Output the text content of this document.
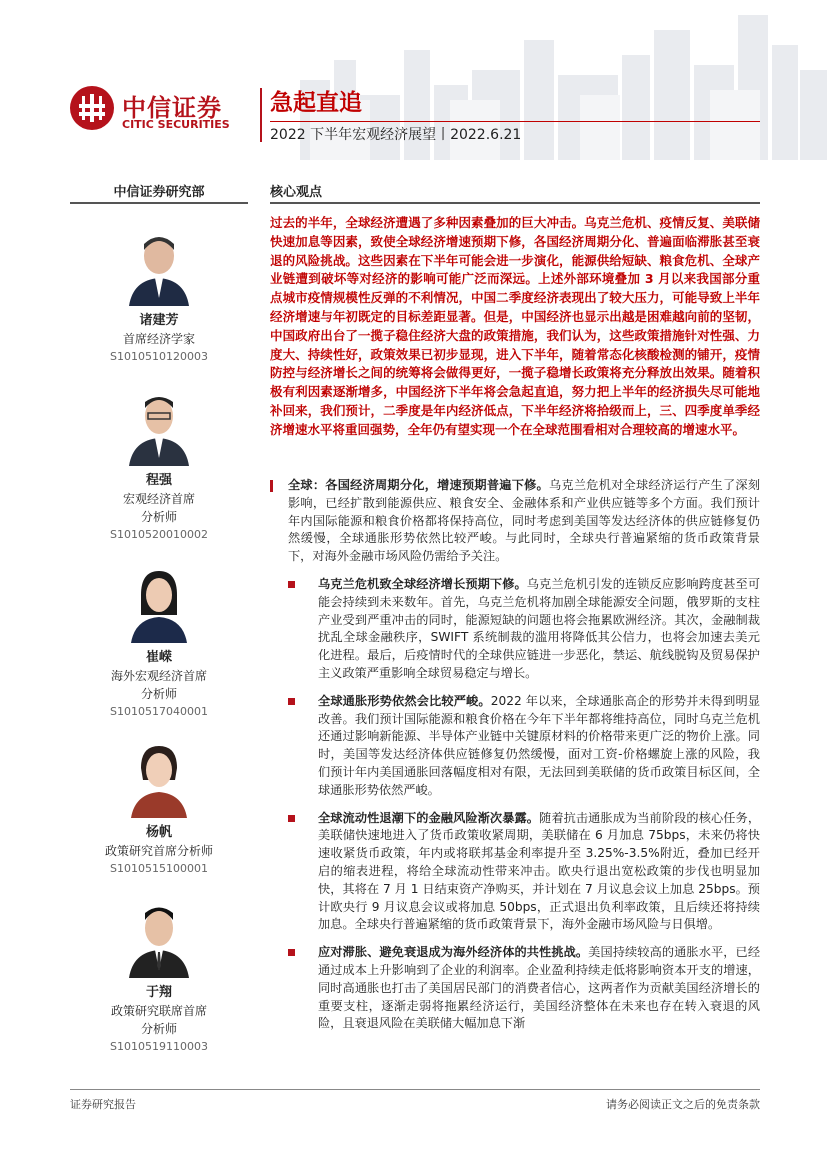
中信证券
CITIC SECURITIES
急起直追
2022 下半年宏观经济展望丨2022.6.21
中信证券研究部	核心观点
诸建芳
首席经济学家
S1010510120003
程强
宏观经济首席
分析师
S1010520010002
崔嵘
海外宏观经济首席
分析师
S1010517040001
杨帆
政策研究首席分析师
S1010515100001
于翔
政策研究联席首席
分析师
S1010519110003
过去的半年，全球经济遭遇了多种因素叠加的巨大冲击。乌克兰危机、疫情反复、美联储快速加息等因素，致使全球经济增速预期下修，各国经济周期分化、普遍面临滞胀甚至衰退的风险挑战。这些因素在下半年可能会进一步演化，能源供给短缺、粮食危机、全球产业链遭到破坏等对经济的影响可能广泛而深远。上述外部环境叠加 3 月以来我国部分重点城市疫情规模性反弹的不利情况，中国二季度经济表现出了较大压力，可能导致上半年经济增速与年初既定的目标差距显著。但是，中国经济也显示出越是困难越向前的坚韧，中国政府出台了一揽子稳住经济大盘的政策措施，我们认为，这些政策措施针对性强、力度大、持续性好，政策效果已初步显现，进入下半年，随着常态化核酸检测的铺开，疫情防控与经济增长之间的统筹将会做得更好，一揽子稳增长政策将充分释放出效果。随着积极有利因素逐渐增多，中国经济下半年将会急起直追，努力把上半年的经济损失尽可能地补回来，我们预计，二季度是年内经济低点，下半年经济将拾级而上，三、四季度单季经济增速水平将重回强势，全年仍有望实现一个在全球范围看相对合理较高的增速水平。
全球：各国经济周期分化，增速预期普遍下修。乌克兰危机对全球经济运行产生了深刻影响，已经扩散到能源供应、粮食安全、金融体系和产业供应链等多个方面。我们预计年内国际能源和粮食价格都将保持高位，同时考虑到美国等发达经济体的供应链修复仍然缓慢，全球通胀形势依然比较严峻。与此同时，全球央行普遍紧缩的货币政策背景下，对海外金融市场风险仍需给予关注。
乌克兰危机致全球经济增长预期下修。乌克兰危机引发的连锁反应影响跨度甚至可能会持续到未来数年。首先，乌克兰危机将加剧全球能源安全问题，俄罗斯的支柱产业受到严重冲击的同时，能源短缺的问题也将会拖累欧洲经济。其次，金融制裁扰乱全球金融秩序，SWIFT 系统制裁的滥用将降低其公信力，也将会加速去美元化进程。最后，后疫情时代的全球供应链进一步恶化，禁运、航线脱钩及贸易保护主义政策严重影响全球贸易稳定与增长。
全球通胀形势依然会比较严峻。2022 年以来，全球通胀高企的形势并未得到明显改善。我们预计国际能源和粮食价格在今年下半年都将维持高位，同时乌克兰危机还通过影响新能源、半导体产业链中关键原材料的价格带来更广泛的物价上涨。同时，美国等发达经济体供应链修复仍然缓慢，面对工资-价格螺旋上涨的风险，我们预计年内美国通胀回落幅度相对有限，无法回到美联储的货币政策目标区间，全球通胀形势依然严峻。
全球流动性退潮下的金融风险渐次暴露。随着抗击通胀成为当前阶段的核心任务，美联储快速地进入了货币政策收紧周期，美联储在 6 月加息 75bps，未来仍将快速收紧货币政策，年内或将联邦基金利率提升至 3.25%-3.5%附近，叠加已经开启的缩表进程，将给全球流动性带来冲击。欧央行退出宽松政策的步伐也明显加快，其将在 7 月 1 日结束资产净购买，并计划在 7 月议息会议上加息 25bps。预计欧央行 9 月议息会议或将加息 50bps，正式退出负利率政策，且后续还将持续加息。全球央行普遍紧缩的货币政策背景下，海外金融市场风险与日俱增。
应对滞胀、避免衰退成为海外经济体的共性挑战。美国持续较高的通胀水平，已经通过成本上升影响到了企业的利润率。企业盈利持续走低将影响资本开支的增速，同时高通胀也打击了美国居民部门的消费者信心，这两者作为贡献美国经济增长的重要支柱，逐渐走弱将拖累经济运行，美国经济整体在未来也存在转入衰退的风险，且衰退风险在美联储大幅加息下渐
证券研究报告	请务必阅读正文之后的免责条款
